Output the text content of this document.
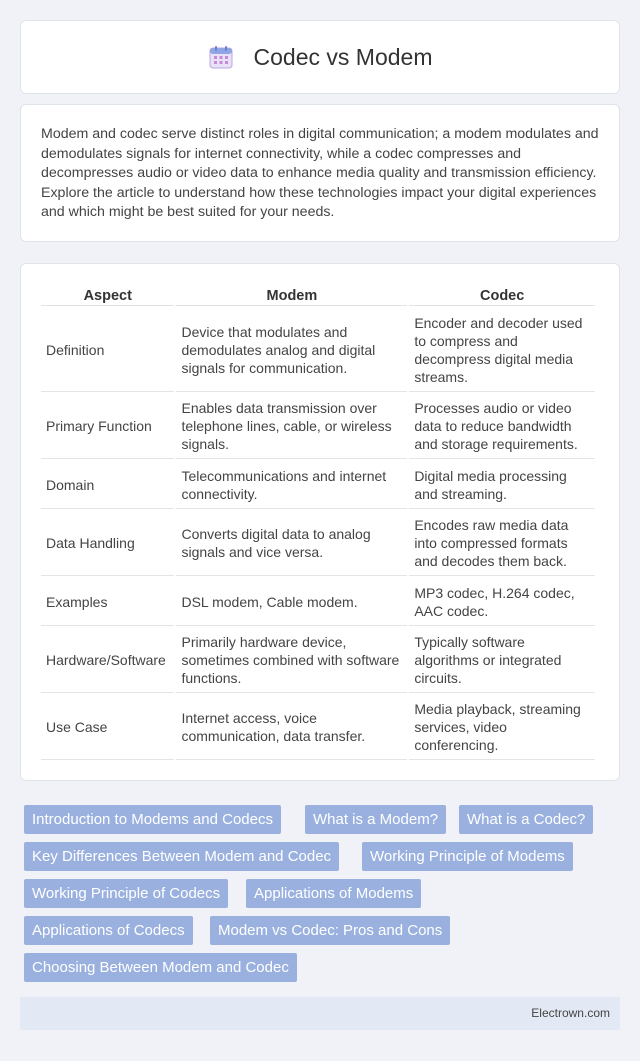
Codec vs Modem

Modem and codec serve distinct roles in digital communication; a modem modulates and demodulates signals for internet connectivity, while a codec compresses and decompresses audio or video data to enhance media quality and transmission efficiency. Explore the article to understand how these technologies impact your digital experiences and which might be best suited for your needs.

Aspect	Modem	Codec
Definition	Device that modulates and demodulates analog and digital signals for communication.	Encoder and decoder used to compress and decompress digital media streams.
Primary Function	Enables data transmission over telephone lines, cable, or wireless signals.	Processes audio or video data to reduce bandwidth and storage requirements.
Domain	Telecommunications and internet connectivity.	Digital media processing and streaming.
Data Handling	Converts digital data to analog signals and vice versa.	Encodes raw media data into compressed formats and decodes them back.
Examples	DSL modem, Cable modem.	MP3 codec, H.264 codec, AAC codec.
Hardware/Software	Primarily hardware device, sometimes combined with software functions.	Typically software algorithms or integrated circuits.
Use Case	Internet access, voice communication, data transfer.	Media playback, streaming services, video conferencing.
Introduction to Modems and Codecs	What is a Modem?	What is a Codec?
Key Differences Between Modem and Codec	Working Principle of Modems
Working Principle of Codecs	Applications of Modems
Applications of Codecs	Modem vs Codec: Pros and Cons
Choosing Between Modem and Codec
Electrown.com
